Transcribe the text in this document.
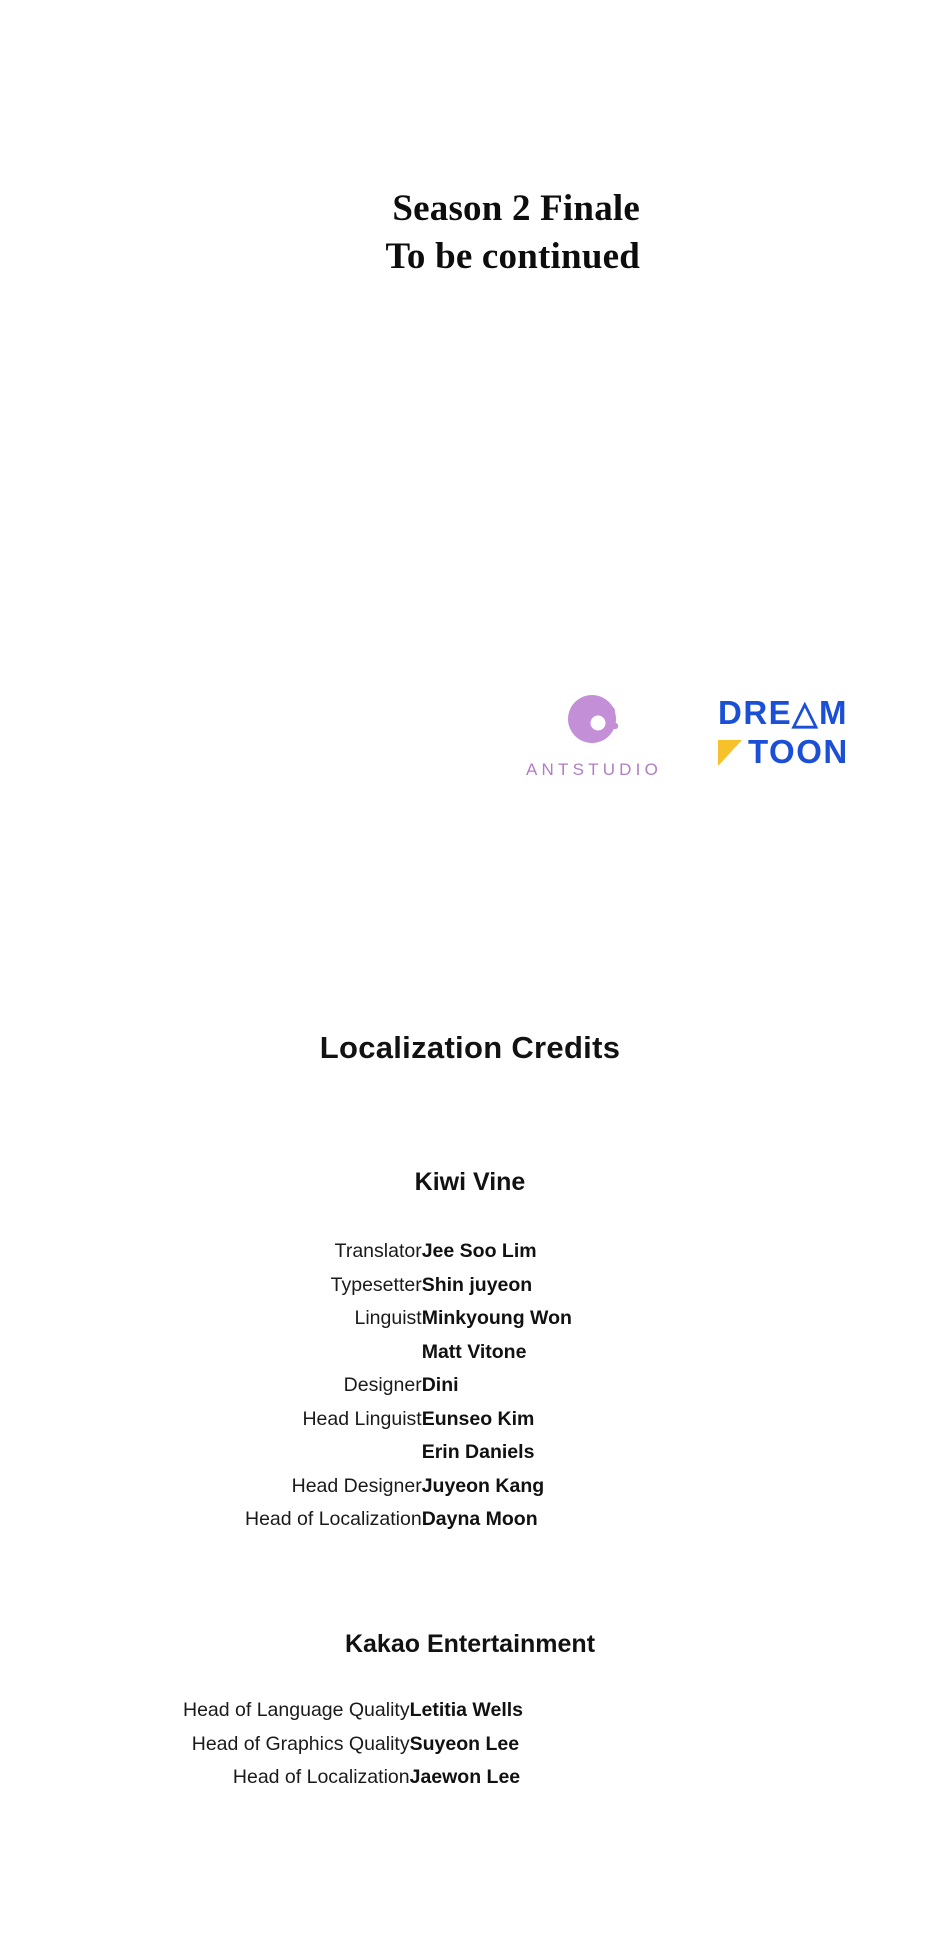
Season 2 Finale
To be continued
ANTSTUDIO
DRE△M
TOON
Localization Credits
Kiwi Vine
Translator	Jee Soo Lim
Typesetter	Shin juyeon
Linguist	Minkyoung Won
	Matt Vitone
Designer	Dini
Head Linguist	Eunseo Kim
	Erin Daniels
Head Designer	Juyeon Kang
Head of Localization	Dayna Moon
Kakao Entertainment
Head of Language Quality	Letitia Wells
Head of Graphics Quality	Suyeon Lee
Head of Localization	Jaewon Lee
